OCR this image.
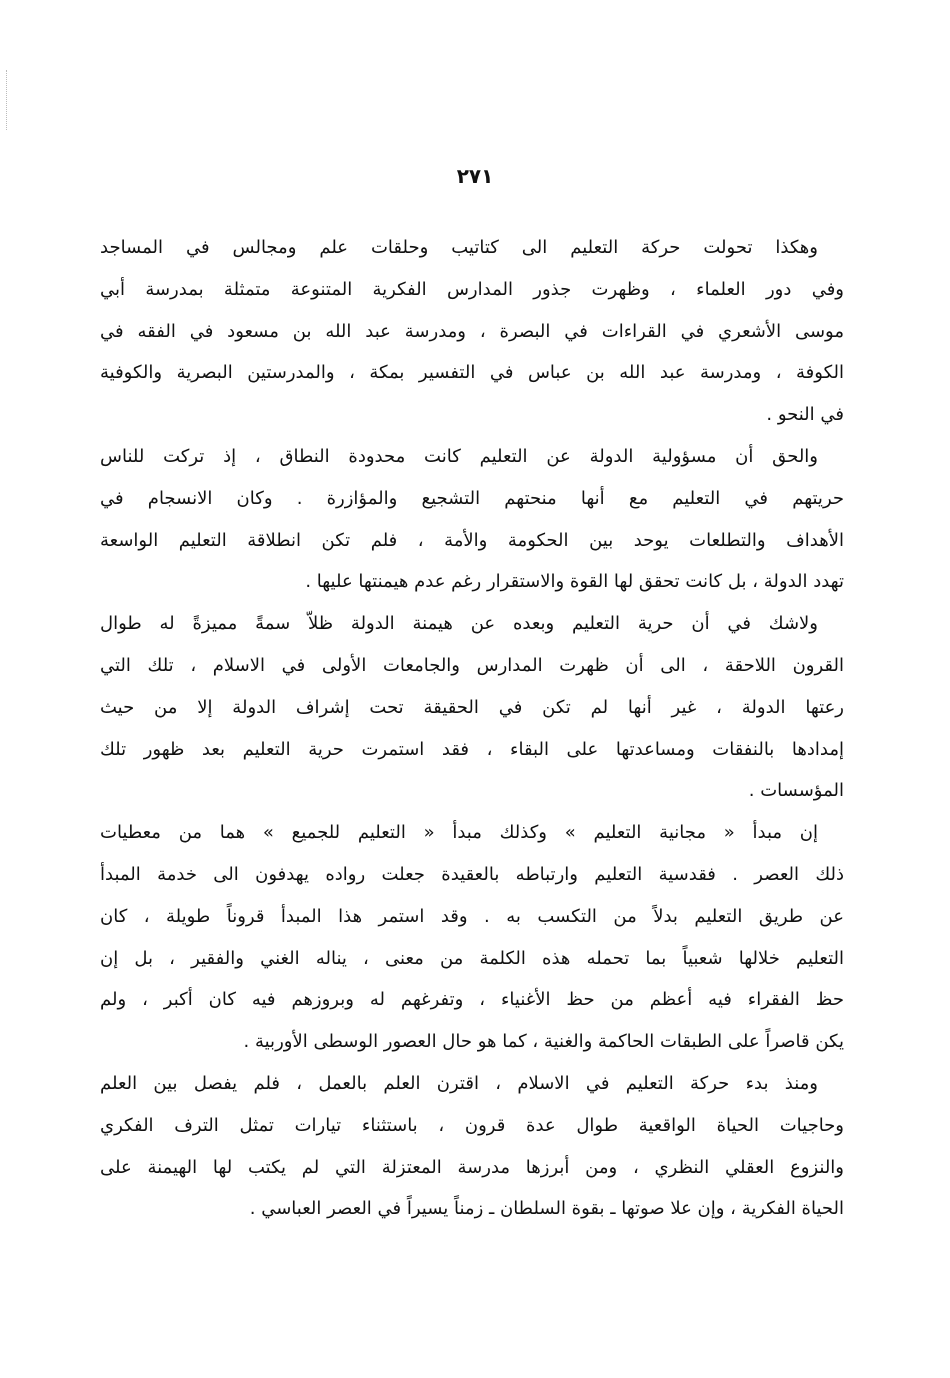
٢٧١
وهكذا تحولت حركة التعليم الى كتاتيب وحلقات علم ومجالس في المساجد
وفي دور العلماء ، وظهرت جذور المدارس الفكرية المتنوعة متمثلة بمدرسة أبي
موسى الأشعري في القراءات في البصرة ، ومدرسة عبد الله بن مسعود في الفقه في
الكوفة ، ومدرسة عبد الله بن عباس في التفسير بمكة ، والمدرستين البصرية والكوفية
في النحو .
والحق أن مسؤولية الدولة عن التعليم كانت محدودة النطاق ، إذ تركت للناس
حريتهم في التعليم مع أنها منحتهم التشجيع والمؤازرة . وكان الانسجام في
الأهداف والتطلعات يوحد بين الحكومة والأمة ، فلم تكن انطلاقة التعليم الواسعة
تهدد الدولة ، بل كانت تحقق لها القوة والاستقرار رغم عدم هيمنتها عليها .
ولاشك في أن حرية التعليم وبعده عن هيمنة الدولة ظلاّ سمةً مميزةً له طوال
القرون اللاحقة ، الى أن ظهرت المدارس والجامعات الأولى في الاسلام ، تلك التي
رعتها الدولة ، غير أنها لم تكن في الحقيقة تحت إشراف الدولة إلا من حيث
إمدادها بالنفقات ومساعدتها على البقاء ، فقد استمرت حرية التعليم بعد ظهور تلك
المؤسسات .
إن مبدأ « مجانية التعليم » وكذلك مبدأ « التعليم للجميع » هما من معطيات
ذلك العصر . فقدسية التعليم وارتباطه بالعقيدة جعلت رواده يهدفون الى خدمة المبدأ
عن طريق التعليم بدلاً من التكسب به . وقد استمر هذا المبدأ قروناً طويلة ، كان
التعليم خلالها شعبياً بما تحمله هذه الكلمة من معنى ، يناله الغني والفقير ، بل إن
حظ الفقراء فيه أعظم من حظ الأغنياء ، وتفرغهم له وبروزهم فيه كان أكبر ، ولم
يكن قاصراً على الطبقات الحاكمة والغنية ، كما هو حال العصور الوسطى الأوربية .
ومنذ بدء حركة التعليم في الاسلام ، اقترن العلم بالعمل ، فلم يفصل بين العلم
وحاجيات الحياة الواقعية طوال عدة قرون ، باستثناء تيارات تمثل الترف الفكري
والنزوع العقلي النظري ، ومن أبرزها مدرسة المعتزلة التي لم يكتب لها الهيمنة على
الحياة الفكرية ، وإن علا صوتها ـ بقوة السلطان ـ زمناً يسيراً في العصر العباسي .
